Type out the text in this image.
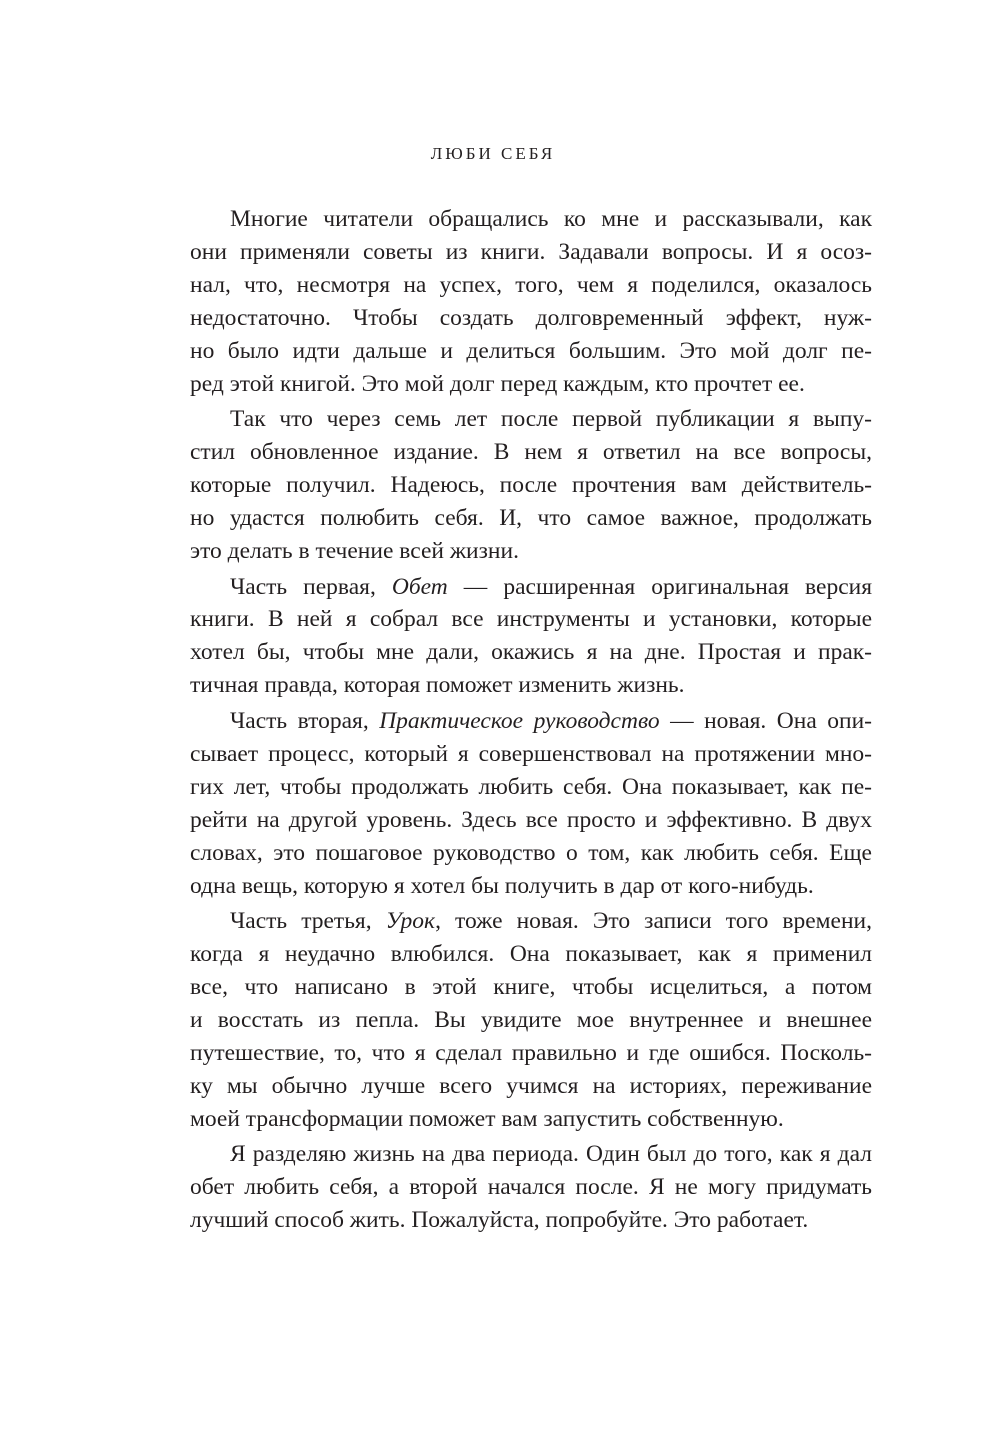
ЛЮБИ СЕБЯ
Многие читатели обращались ко мне и рассказывали, как
они применяли советы из книги. Задавали вопросы. И я осоз-
нал, что, несмотря на успех, того, чем я поделился, оказалось
недостаточно. Чтобы создать долговременный эффект, нуж-
но было идти дальше и делиться большим. Это мой долг пе-
ред этой книгой. Это мой долг перед каждым, кто прочтет ее.
Так что через семь лет после первой публикации я выпу-
стил обновленное издание. В нем я ответил на все вопросы,
которые получил. Надеюсь, после прочтения вам действитель-
но удастся полюбить себя. И, что самое важное, продолжать
это делать в течение всей жизни.
Часть первая, Обет — расширенная оригинальная версия
книги. В ней я собрал все инструменты и установки, которые
хотел бы, чтобы мне дали, окажись я на дне. Простая и прак-
тичная правда, которая поможет изменить жизнь.
Часть вторая, Практическое руководство — новая. Она опи-
сывает процесс, который я совершенствовал на протяжении мно-
гих лет, чтобы продолжать любить себя. Она показывает, как пе-
рейти на другой уровень. Здесь все просто и эффективно. В двух
словах, это пошаговое руководство о том, как любить себя. Еще
одна вещь, которую я хотел бы получить в дар от кого-нибудь.
Часть третья, Урок, тоже новая. Это записи того времени,
когда я неудачно влюбился. Она показывает, как я применил
все, что написано в этой книге, чтобы исцелиться, а потом
и восстать из пепла. Вы увидите мое внутреннее и внешнее
путешествие, то, что я сделал правильно и где ошибся. Посколь-
ку мы обычно лучше всего учимся на историях, переживание
моей трансформации поможет вам запустить собственную.
Я разделяю жизнь на два периода. Один был до того, как я дал
обет любить себя, а второй начался после. Я не могу придумать
лучший способ жить. Пожалуйста, попробуйте. Это работает.
